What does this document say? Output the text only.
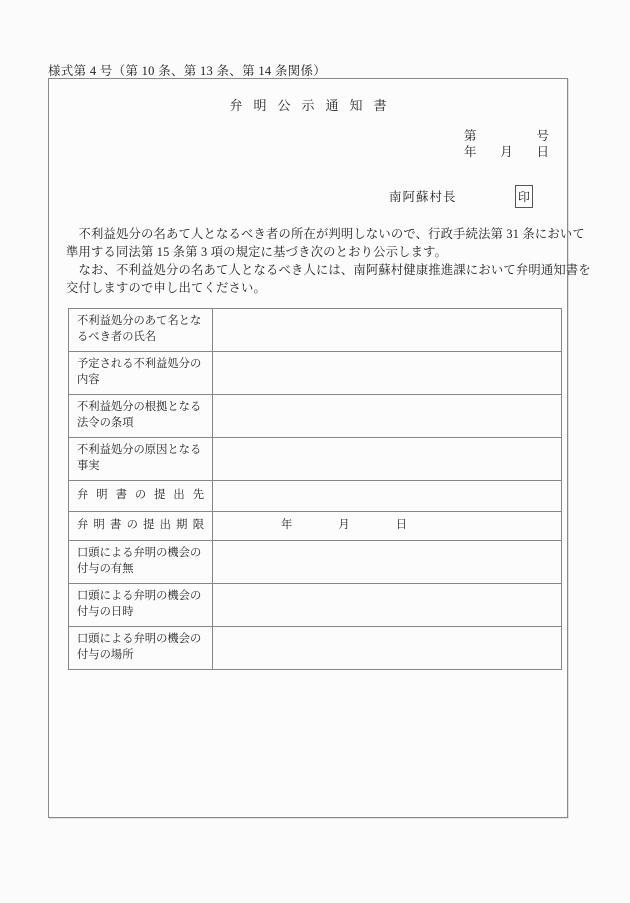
様式第 4 号（第 10 条、第 13 条、第 14 条関係）
弁明公示通知書
第	号
年 月 日
南阿蘇村長	印
　不利益処分の名あて人となるべき者の所在が判明しないので、行政手続法第 31 条において
準用する同法第 15 条第 3 項の規定に基づき次のとおり公示します。
　なお、不利益処分の名あて人となるべき人には、南阿蘇村健康推進課において弁明通知書を
交付しますので申し出てください。
不利益処分のあて名となるべき者の氏名	
予定される不利益処分の内容	
不利益処分の根拠となる法令の条項	
不利益処分の原因となる事実	
弁明書の提出先	
弁明書の提出期限	年 月 日

口頭による弁明の機会の付与の有無	
口頭による弁明の機会の付与の日時	
口頭による弁明の機会の付与の場所	
